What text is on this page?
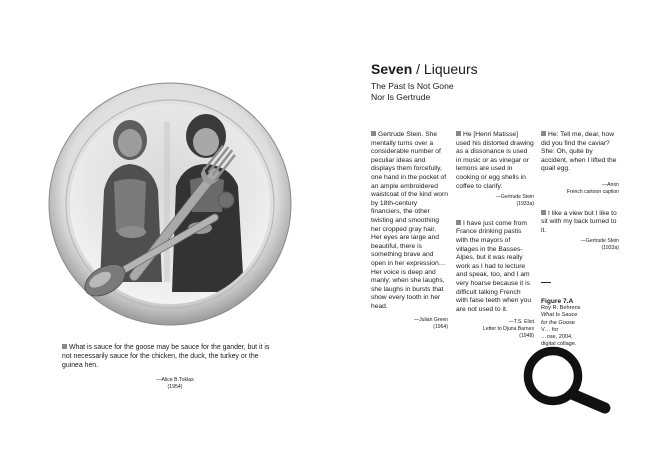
What is sauce for the goose may be sauce for the gander, but it is not necessarily sauce for the chicken, the duck, the turkey or the guinea hen.
—Alice B.Toklas
(1954)
Seven / Liqueurs
The Past Is Not Gone
Nor Is Gertrude

Gertrude Stein. She mentally turns over a considerable number of peculiar ideas and displays them forcefully, one hand in the pocket of an ample embroidered waistcoat of the kind worn by 18th-century financiers, the other twisting and smoothing her cropped gray hair. Her eyes are large and beautiful, there is something brave and open in her expression…Her voice is deep and manly; when she laughs, she laughs in bursts that show every tooth in her head.

—Julian Green
(1964)

He [Henri Matisse] used his distorted drawing as a dissonance is used in music or as vinegar or lemons are used in cooking or egg shells in coffee to clarify.

—Gertrude Stein
(1933a)

I have just come from France drinking pastis with the mayors of villages in the Basses-Alpes, but it was really work as I had to lecture and speak, too, and I am very hoarse because it is difficult talking French with false teeth when you are not used to it.

—T.S. Eliot
Letter to Djuna Barnes
(1948)

He: Tell me, dear, how did you find the caviar? She: Oh, quite by accident, when I lifted the quail egg.

—Anon
French cartoon caption

I like a view but I like to sit with my back turned to it.

—Gertrude Stein
(1933a)
Figure 7.A
Roy R. Behrens
What Is Sauce
for the Goose
V… for
…ose, 2004,
digital collage.
